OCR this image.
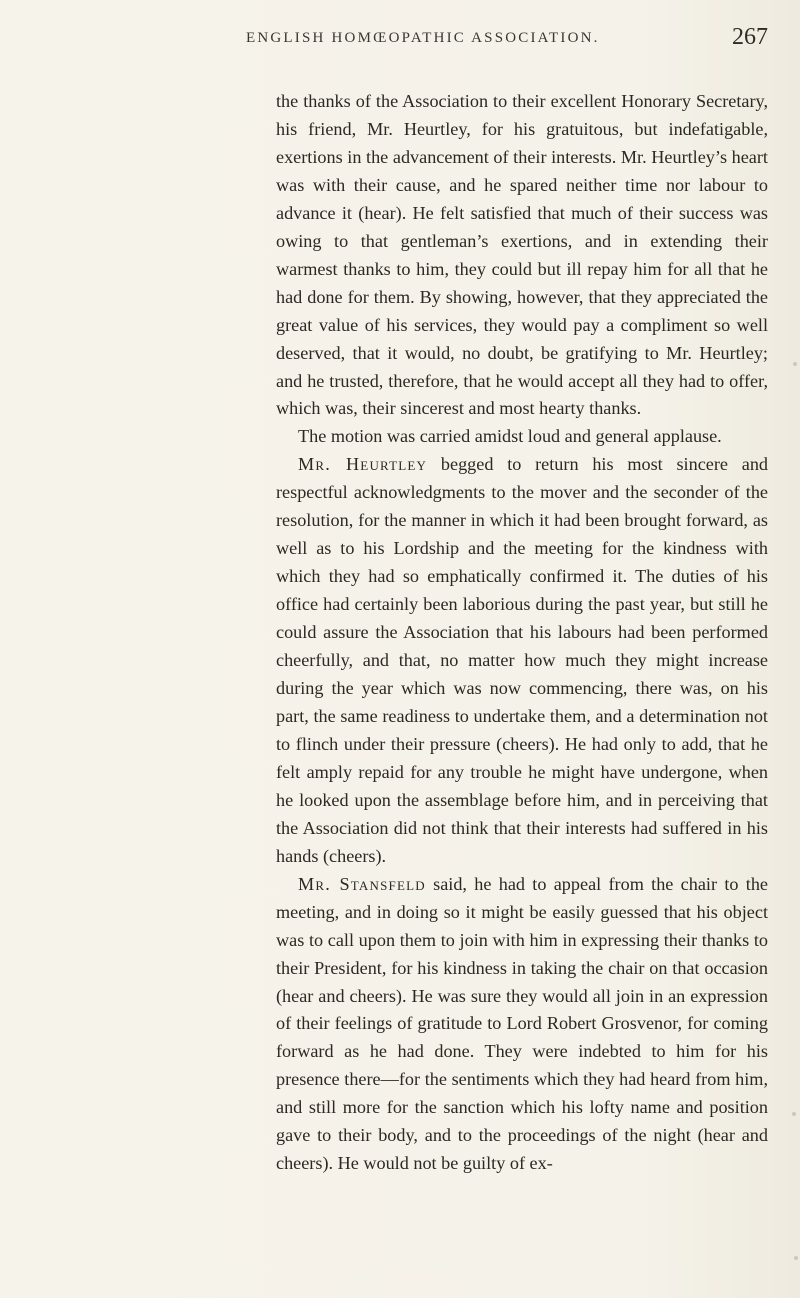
ENGLISH HOMŒOPATHIC ASSOCIATION.	267

the thanks of the Association to their excellent Honorary Secretary, his friend, Mr. Heurtley, for his gratuitous, but indefatigable, exertions in the advancement of their interests. Mr. Heurtley’s heart was with their cause, and he spared neither time nor labour to advance it (hear). He felt satisfied that much of their success was owing to that gentleman’s exertions, and in extending their warmest thanks to him, they could but ill repay him for all that he had done for them. By showing, however, that they appreciated the great value of his services, they would pay a compliment so well deserved, that it would, no doubt, be gratifying to Mr. Heurtley; and he trusted, therefore, that he would accept all they had to offer, which was, their sincerest and most hearty thanks.

The motion was carried amidst loud and general applause.

Mr. Heurtley begged to return his most sincere and respectful acknowledgments to the mover and the seconder of the resolution, for the manner in which it had been brought forward, as well as to his Lordship and the meeting for the kindness with which they had so emphatically confirmed it. The duties of his office had certainly been laborious during the past year, but still he could assure the Association that his labours had been performed cheerfully, and that, no matter how much they might increase during the year which was now commencing, there was, on his part, the same readiness to undertake them, and a determination not to flinch under their pressure (cheers). He had only to add, that he felt amply repaid for any trouble he might have undergone, when he looked upon the assemblage before him, and in perceiving that the Association did not think that their interests had suffered in his hands (cheers).

Mr. Stansfeld said, he had to appeal from the chair to the meeting, and in doing so it might be easily guessed that his object was to call upon them to join with him in expressing their thanks to their President, for his kindness in taking the chair on that occasion (hear and cheers). He was sure they would all join in an expression of their feelings of gratitude to Lord Robert Grosvenor, for coming forward as he had done. They were indebted to him for his presence there—for the sentiments which they had heard from him, and still more for the sanction which his lofty name and position gave to their body, and to the proceedings of the night (hear and cheers). He would not be guilty of ex-
